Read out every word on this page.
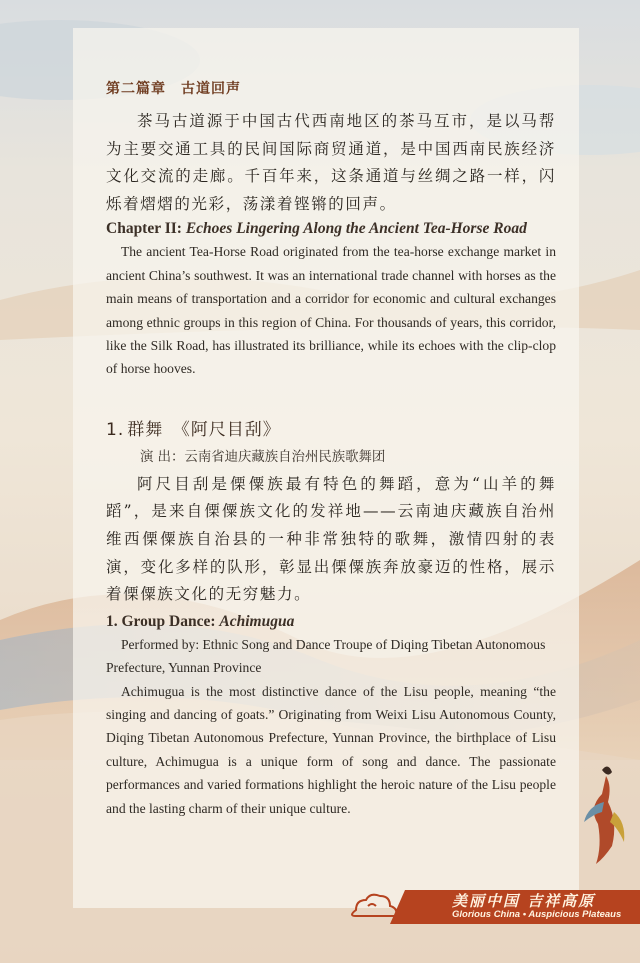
第二篇章　古道回声

茶马古道源于中国古代西南地区的茶马互市，是以马帮为主要交通工具的民间国际商贸通道，是中国西南民族经济文化交流的走廊。千百年来，这条通道与丝绸之路一样，闪烁着熠熠的光彩，荡漾着铿锵的回声。

Chapter II: Echoes Lingering Along the Ancient Tea-Horse Road

The ancient Tea-Horse Road originated from the tea-horse exchange market in ancient China’s southwest. It was an international trade channel with horses as the main means of transportation and a corridor for economic and cultural exchanges among ethnic groups in this region of China. For thousands of years, this corridor, like the Silk Road, has illustrated its brilliance, while its echoes with the clip-clop of horse hooves.

1. 群舞　《阿尺目刮》
演 出：云南省迪庆藏族自治州民族歌舞团

阿尺目刮是傈僳族最有特色的舞蹈，意为“山羊的舞蹈”，是来自傈僳族文化的发祥地——云南迪庆藏族自治州维西傈僳族自治县的一种非常独特的歌舞，激情四射的表演，变化多样的队形，彰显出傈僳族奔放豪迈的性格，展示着傈僳族文化的无穷魅力。

1. Group Dance: Achimugua

Performed by: Ethnic Song and Dance Troupe of Diqing Tibetan Autonomous Prefecture, Yunnan Province

Achimugua is the most distinctive dance of the Lisu people, meaning “the singing and dancing of goats.” Originating from Weixi Lisu Autonomous County, Diqing Tibetan Autonomous Prefecture, Yunnan Province, the birthplace of Lisu culture, Achimugua is a unique form of song and dance. The passionate performances and varied formations highlight the heroic nature of the Lisu people and the lasting charm of their unique culture.

美丽中国 吉祥高原
Glorious China • Auspicious Plateaus
